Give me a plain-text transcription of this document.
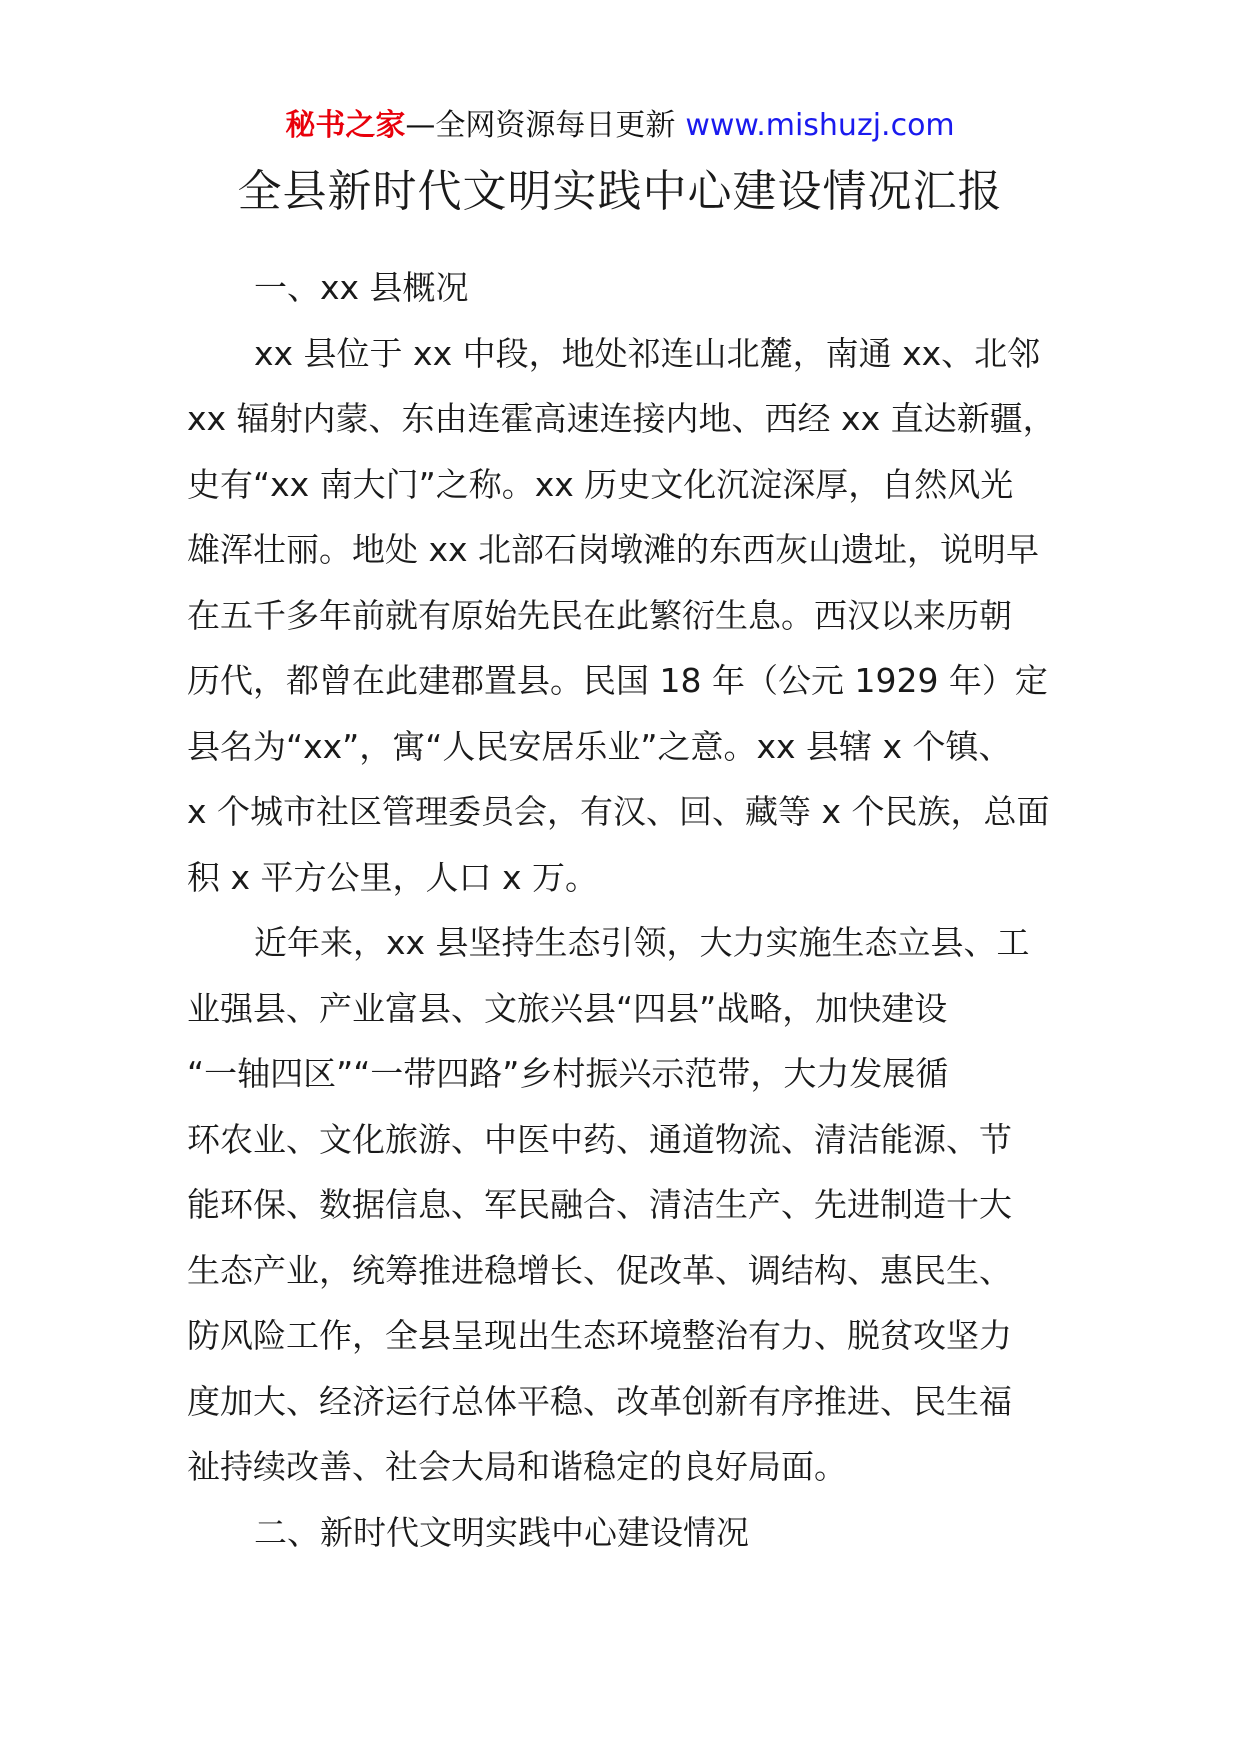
秘书之家—全网资源每日更新 www.mishuzj.com
全县新时代文明实践中心建设情况汇报
一、xx 县概况
xx 县位于 xx 中段，地处祁连山北麓，南通 xx、北邻
xx 辐射内蒙、东由连霍高速连接内地、西经 xx 直达新疆，
史有“xx 南大门”之称。xx 历史文化沉淀深厚，自然风光
雄浑壮丽。地处 xx 北部石岗墩滩的东西灰山遗址，说明早
在五千多年前就有原始先民在此繁衍生息。西汉以来历朝
历代，都曾在此建郡置县。民国 18 年（公元 1929 年）定
县名为“xx”，寓“人民安居乐业”之意。xx 县辖 x 个镇、
x 个城市社区管理委员会，有汉、回、藏等 x 个民族，总面
积 x 平方公里，人口 x 万。
近年来，xx 县坚持生态引领，大力实施生态立县、工
业强县、产业富县、文旅兴县“四县”战略，加快建设
“一轴四区”“一带四路”乡村振兴示范带，大力发展循
环农业、文化旅游、中医中药、通道物流、清洁能源、节
能环保、数据信息、军民融合、清洁生产、先进制造十大
生态产业，统筹推进稳增长、促改革、调结构、惠民生、
防风险工作，全县呈现出生态环境整治有力、脱贫攻坚力
度加大、经济运行总体平稳、改革创新有序推进、民生福
祉持续改善、社会大局和谐稳定的良好局面。
二、新时代文明实践中心建设情况
